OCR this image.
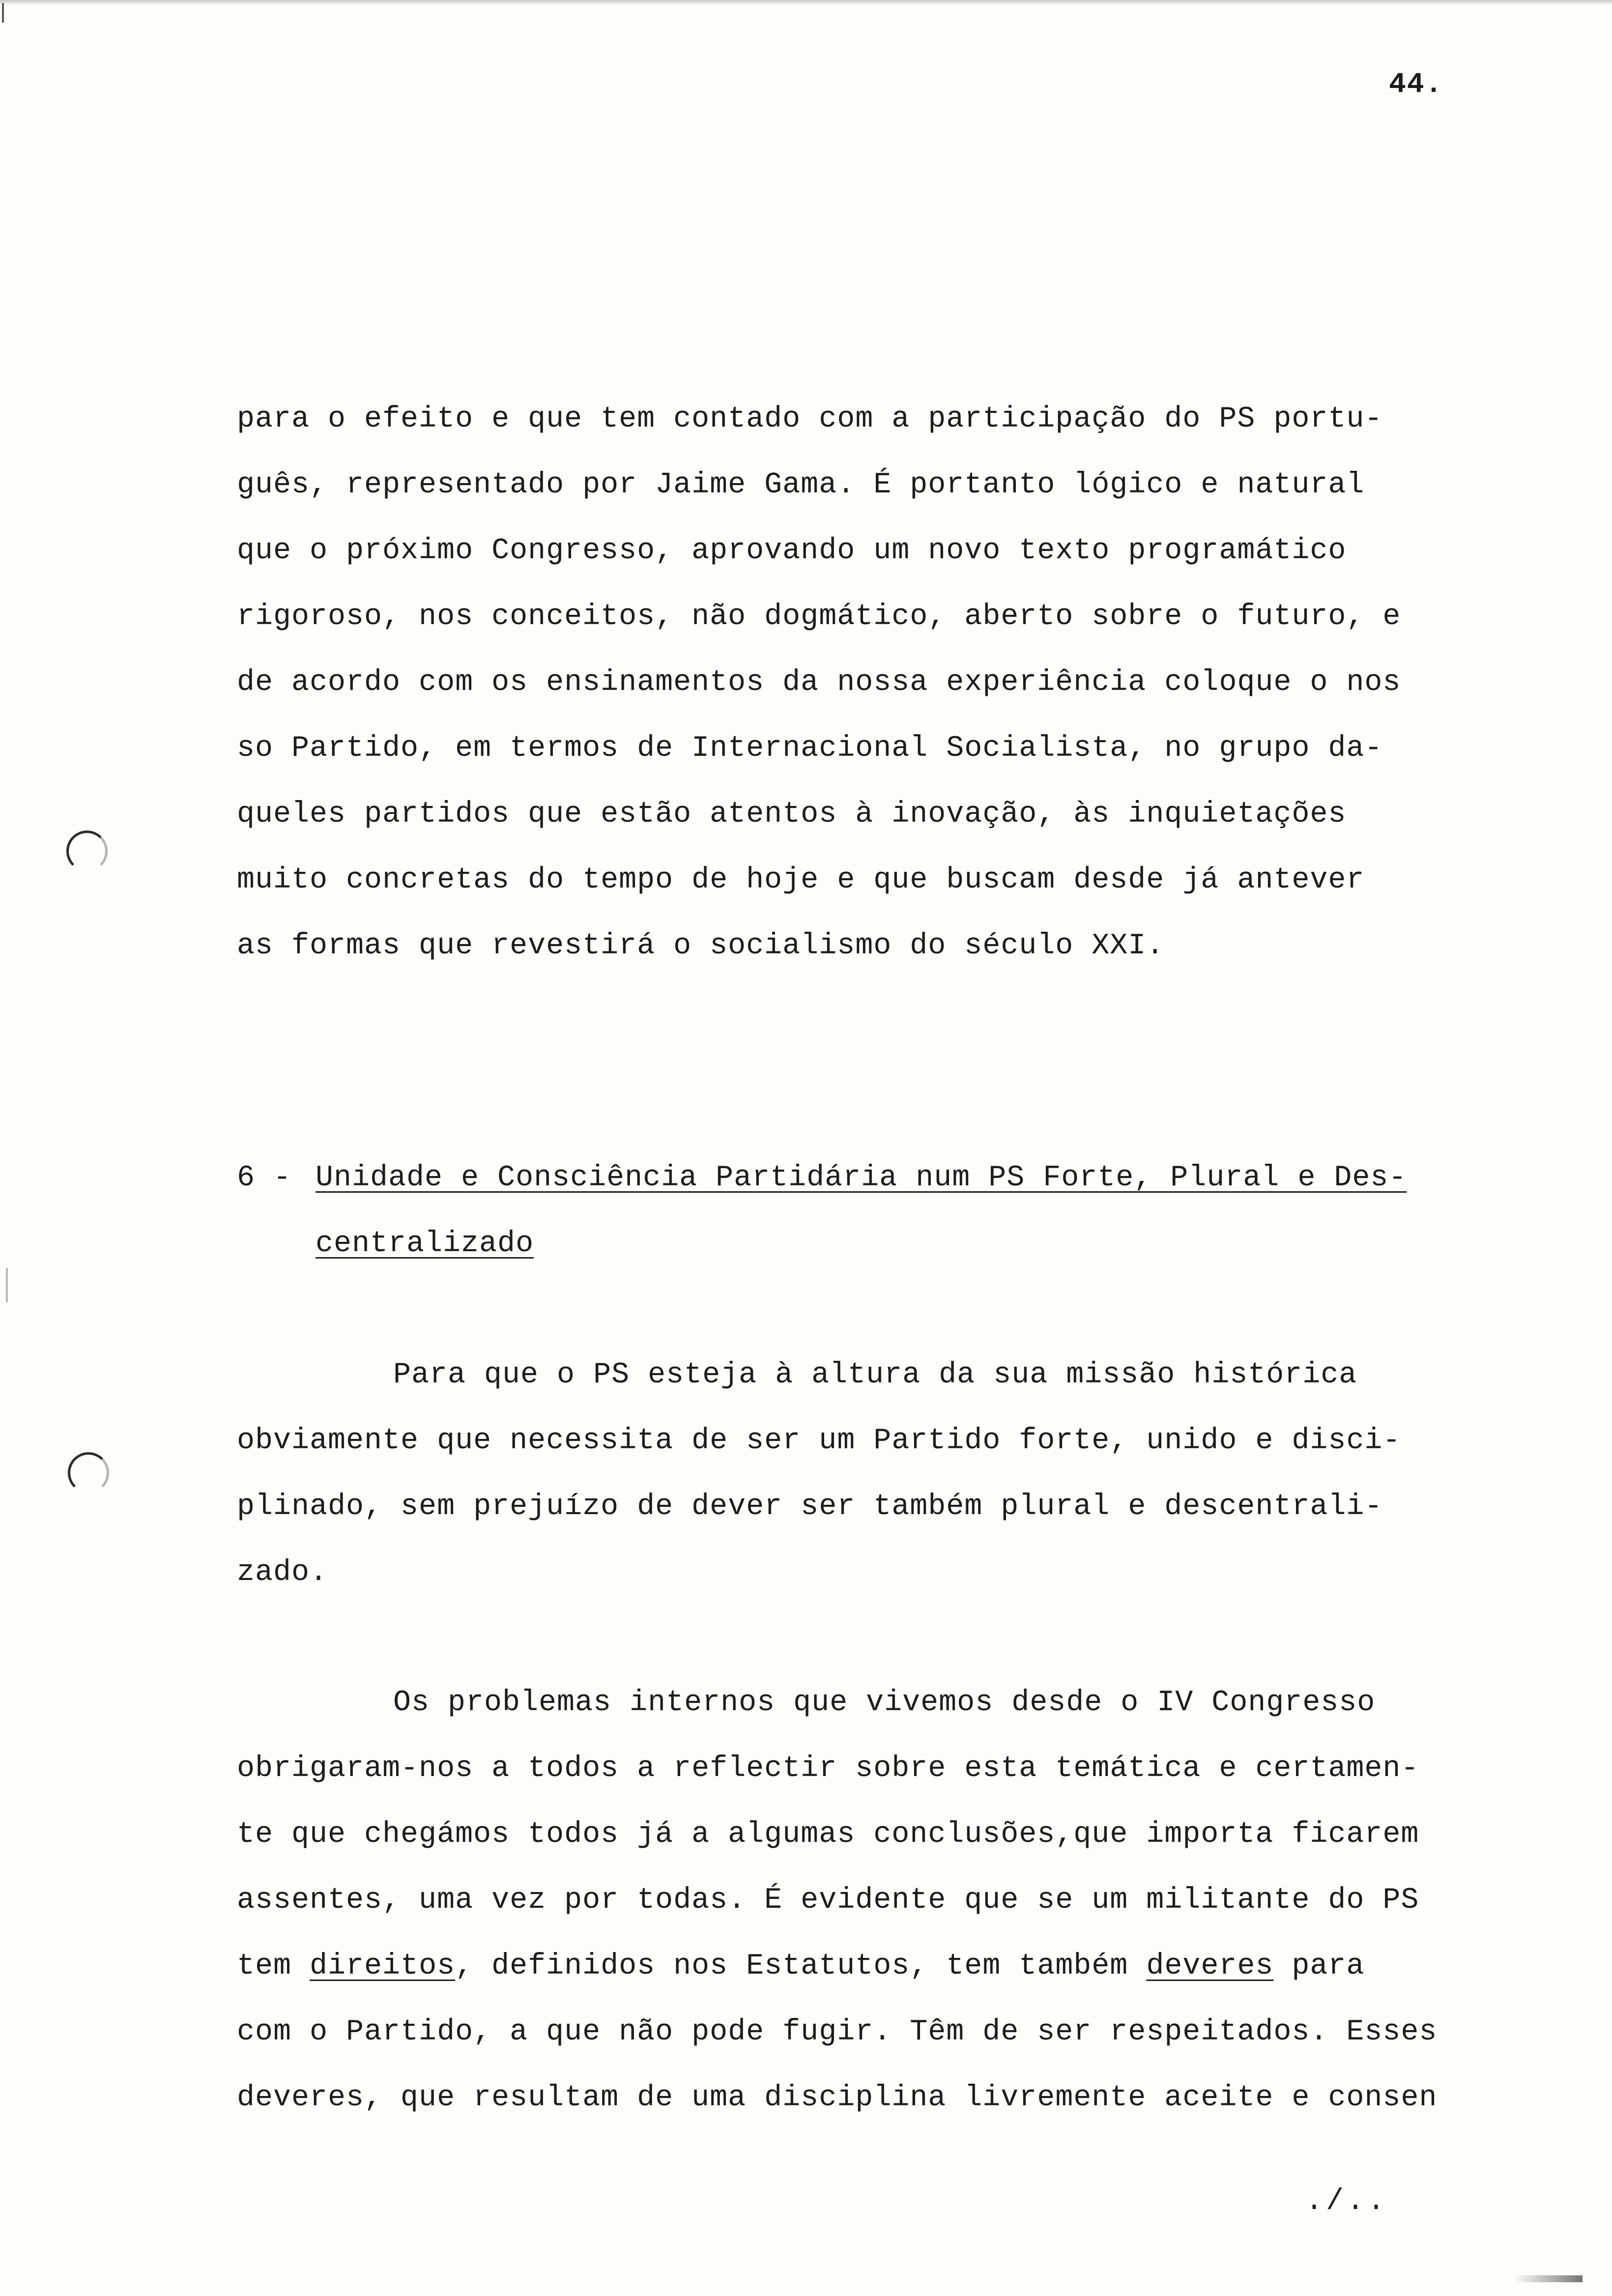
44.
para o efeito e que tem contado com a participação do PS portu-
guês, representado por Jaime Gama. É portanto lógico e natural
que o próximo Congresso, aprovando um novo texto programático
rigoroso, nos conceitos, não dogmático, aberto sobre o futuro, e
de acordo com os ensinamentos da nossa experiência coloque o nos
so Partido, em termos de Internacional Socialista, no grupo da-
queles partidos que estão atentos à inovação, às inquietações
muito concretas do tempo de hoje e que buscam desde já antever
as formas que revestirá o socialismo do século XXI.
6 - Unidade e Consciência Partidária num PS Forte, Plural e Des-
centralizado
Para que o PS esteja à altura da sua missão histórica
obviamente que necessita de ser um Partido forte, unido e disci-
plinado, sem prejuízo de dever ser também plural e descentrali-
zado.
Os problemas internos que vivemos desde o IV Congresso
obrigaram-nos a todos a reflectir sobre esta temática e certamen-
te que chegámos todos já a algumas conclusões,que importa ficarem
assentes, uma vez por todas. É evidente que se um militante do PS
tem direitos, definidos nos Estatutos, tem também deveres para
com o Partido, a que não pode fugir. Têm de ser respeitados. Esses
deveres, que resultam de uma disciplina livremente aceite e consen
./..
